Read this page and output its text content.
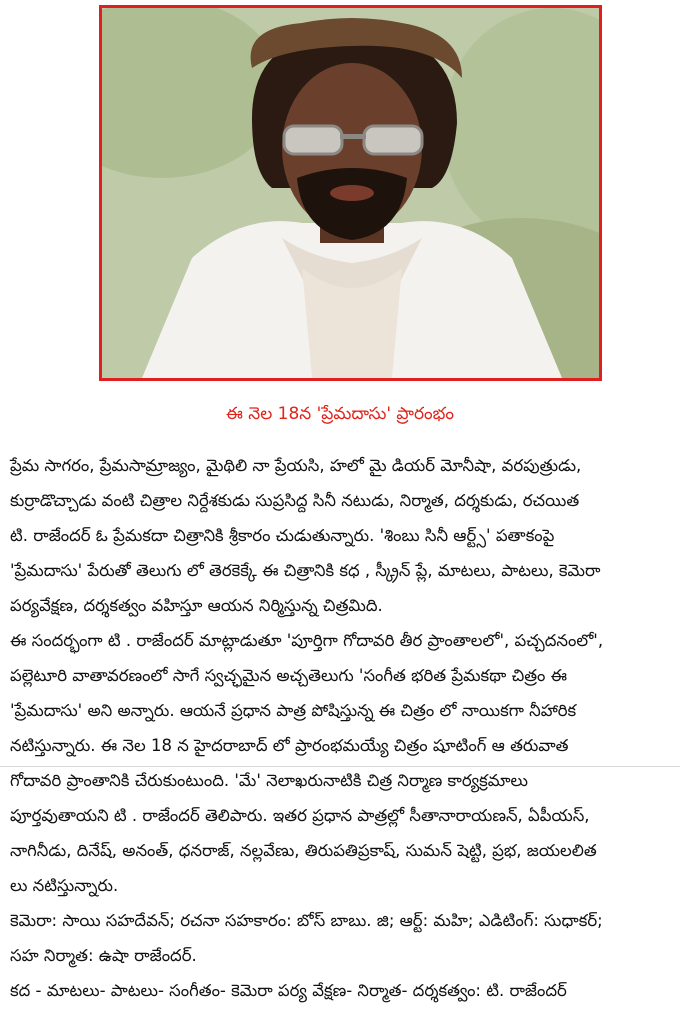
ఈ నెల 18న 'ప్రేమదాసు' ప్రారంభం

ప్రేమ సాగరం, ప్రేమసామ్రాజ్యం, మైథిలి నా ప్రేయసి, హలో మై డియర్ మోనీషా, వరపుత్రుడు,

కుర్రాడొచ్చాడు వంటి చిత్రాల నిర్దేశకుడు సుప్రసిద్ద సినీ నటుడు, నిర్మాత, దర్శకుడు, రచయిత

టి. రాజేందర్ ఓ ప్రేమకదా చిత్రానికి శ్రీకారం చుడుతున్నారు. 'శింబు సినీ ఆర్ట్స్' పతాకంపై

'ప్రేమదాసు' పేరుతో తెలుగు లో తెరకెక్కే ఈ చిత్రానికి కధ , స్క్రీన్ ప్లే, మాటలు, పాటలు, కెమెరా

పర్యవేక్షణ, దర్శకత్వం వహిస్తూ ఆయన నిర్మిస్తున్న చిత్రమిది.

ఈ సందర్భంగా టి . రాజేందర్ మాట్లాడుతూ 'పూర్తిగా గోదావరి తీర ప్రాంతాలలో', పచ్చదనంలో',

పల్లెటూరి వాతావరణంలో సాగే స్వచ్ఛమైన అచ్చతెలుగు 'సంగీత భరిత ప్రేమకథా చిత్రం ఈ

'ప్రేమదాసు' అని అన్నారు. ఆయనే ప్రధాన పాత్ర పోషిస్తున్న ఈ చిత్రం లో నాయికగా నీహారిక

నటిస్తున్నారు. ఈ నెల 18 న హైదరాబాద్ లో ప్రారంభమయ్యే చిత్రం షూటింగ్ ఆ తరువాత

గోదావరి ప్రాంతానికి చేరుకుంటుంది. 'మే' నెలాఖరునాటికి చిత్ర నిర్మాణ కార్యక్రమాలు

పూర్తవుతాయని టి . రాజేందర్ తెలిపారు. ఇతర ప్రధాన పాత్రల్లో సీతానారాయణన్, ఏపీయస్,

నాగినీడు, దినేష్, అనంత్, ధనరాజ్, నల్లవేణు, తిరుపతిప్రకాష్, సుమన్ షెట్టి, ప్రభ, జయలలిత

లు నటిస్తున్నారు.

కెమెరా: సాయి సహదేవన్; రచనా సహకారం: బోస్ బాబు. జి; ఆర్ట్: మహి; ఎడిటింగ్: సుధాకర్;

సహ నిర్మాత: ఉషా రాజేందర్.

కద - మాటలు- పాటలు- సంగీతం- కెమెరా పర్య వేక్షణ- నిర్మాత- దర్శకత్వం: టి. రాజేందర్
